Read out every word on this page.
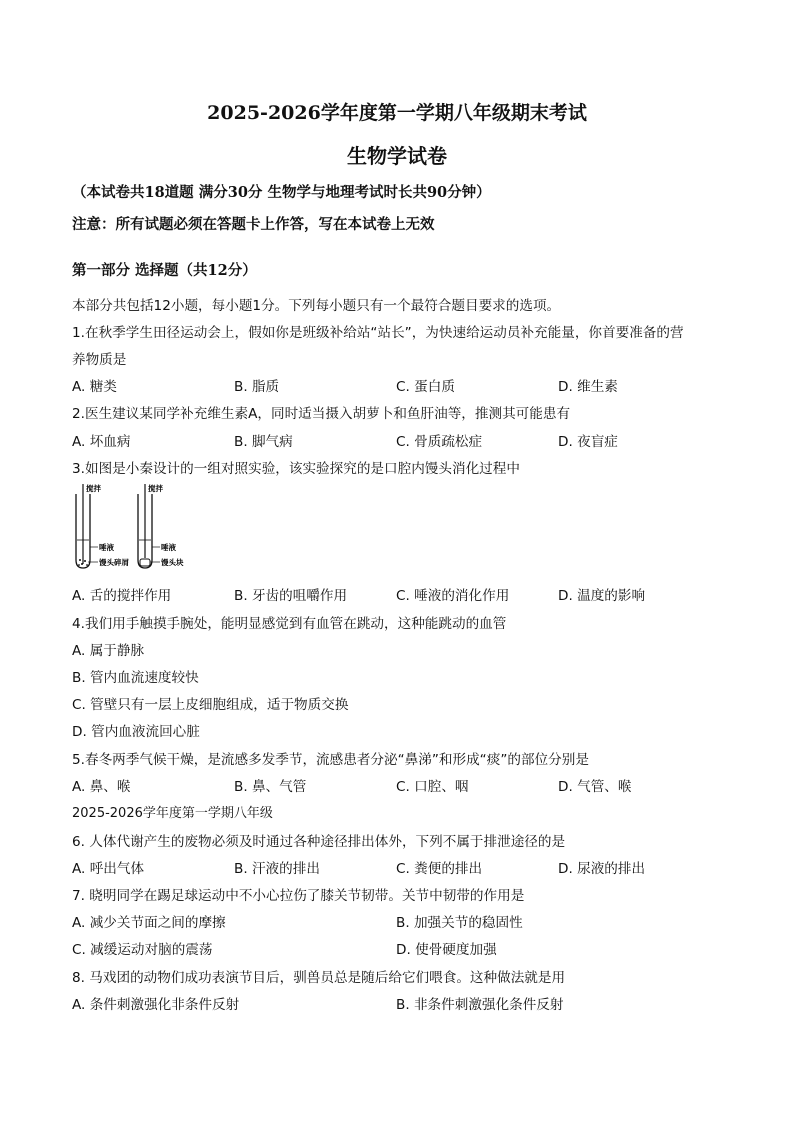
2025-2026学年度第一学期八年级期末考试
生物学试卷
（本试卷共18道题 满分30分 生物学与地理考试时长共90分钟）
注意：所有试题必须在答题卡上作答，写在本试卷上无效
第一部分 选择题（共12分）
本部分共包括12小题，每小题1分。下列每小题只有一个最符合题目要求的选项。
1.在秋季学生田径运动会上，假如你是班级补给站“站长”，为快速给运动员补充能量，你首要准备的营
养物质是
A. 糖类	B. 脂质	C. 蛋白质	D. 维生素
2.医生建议某同学补充维生素A，同时适当摄入胡萝卜和鱼肝油等，推测其可能患有
A. 坏血病	B. 脚气病	C. 骨质疏松症	D. 夜盲症
3.如图是小秦设计的一组对照实验，该实验探究的是口腔内馒头消化过程中
搅拌
唾液
馒头碎屑
搅拌
唾液
馒头块
A. 舌的搅拌作用	B. 牙齿的咀嚼作用	C. 唾液的消化作用	D. 温度的影响
4.我们用手触摸手腕处，能明显感觉到有血管在跳动，这种能跳动的血管
A. 属于静脉
B. 管内血流速度较快
C. 管壁只有一层上皮细胞组成，适于物质交换
D. 管内血液流回心脏
5.春冬两季气候干燥，是流感多发季节，流感患者分泌“鼻涕”和形成“痰”的部位分别是
A. 鼻、喉	B. 鼻、气管	C. 口腔、咽	D. 气管、喉
2025-2026学年度第一学期八年级
6. 人体代谢产生的废物必须及时通过各种途径排出体外，下列不属于排泄途径的是
A. 呼出气体	B. 汗液的排出	C. 粪便的排出	D. 尿液的排出
7. 晓明同学在踢足球运动中不小心拉伤了膝关节韧带。关节中韧带的作用是
A. 减少关节面之间的摩擦	B. 加强关节的稳固性
C. 减缓运动对脑的震荡	D. 使骨硬度加强
8. 马戏团的动物们成功表演节目后，驯兽员总是随后给它们喂食。这种做法就是用
A. 条件刺激强化非条件反射	B. 非条件刺激强化条件反射
